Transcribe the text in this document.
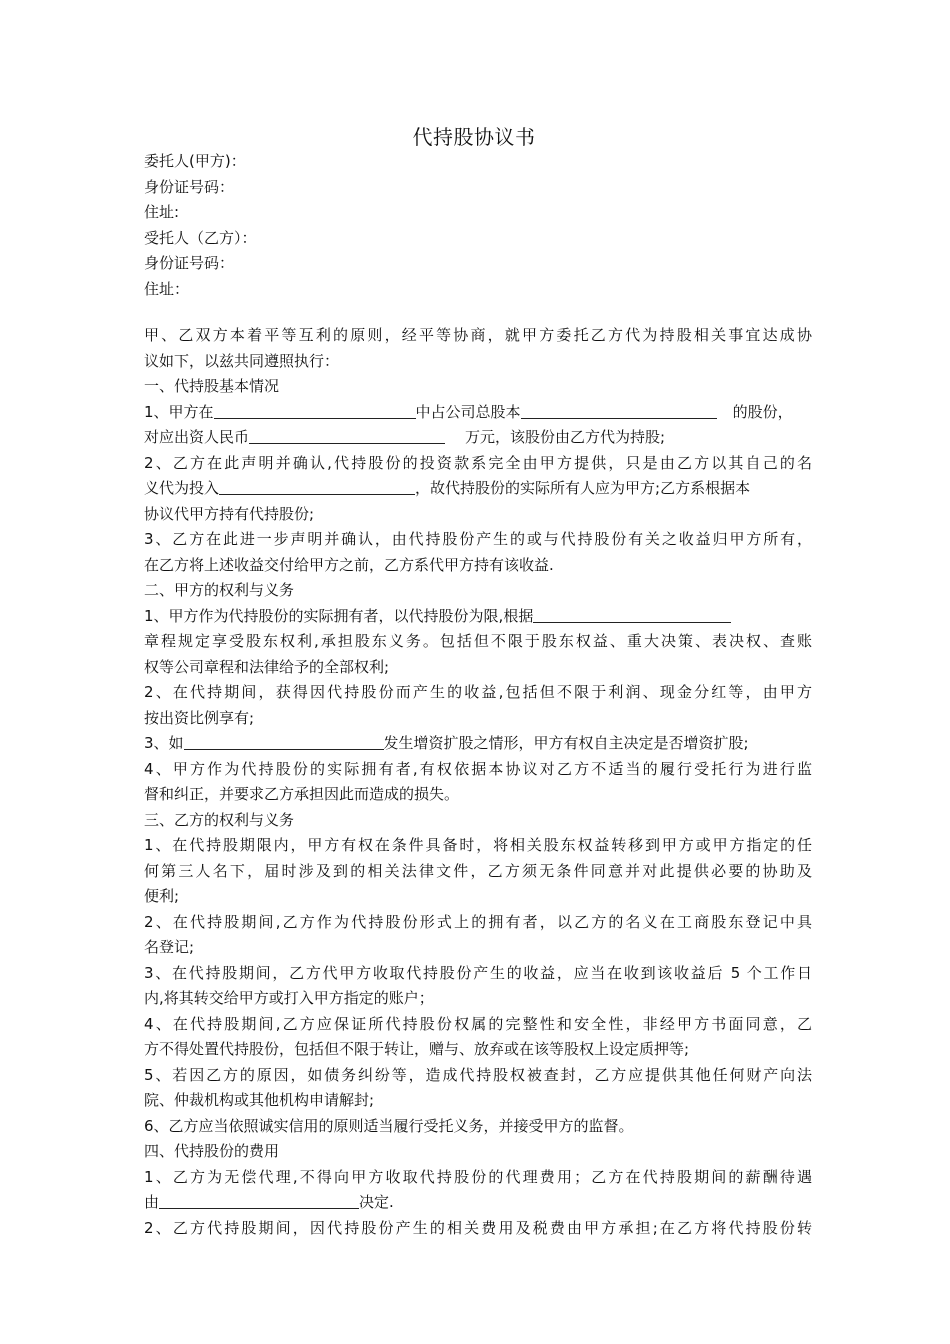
代持股协议书
委托人(甲方)：
身份证号码：
住址:
受托人（乙方）：
身份证号码：
住址：
甲、乙双方本着平等互利的原则，经平等协商，就甲方委托乙方代为持股相关事宜达成协
议如下，以兹共同遵照执行：
一、代持股基本情况
1、甲方在	中占公司总股本	的股份，
对应出资人民币	万元，该股份由乙方代为持股;
2、乙方在此声明并确认,代持股份的投资款系完全由甲方提供，只是由乙方以其自己的名
义代为投入	，故代持股份的实际所有人应为甲方;乙方系根据本
协议代甲方持有代持股份;
3、乙方在此进一步声明并确认，由代持股份产生的或与代持股份有关之收益归甲方所有，
在乙方将上述收益交付给甲方之前，乙方系代甲方持有该收益.
二、甲方的权利与义务
1、甲方作为代持股份的实际拥有者，以代持股份为限,根据
章程规定享受股东权利,承担股东义务。包括但不限于股东权益、重大决策、表决权、查账
权等公司章程和法律给予的全部权利;
2、在代持期间，获得因代持股份而产生的收益,包括但不限于利润、现金分红等，由甲方
按出资比例享有;
3、如	发生增资扩股之情形，甲方有权自主决定是否增资扩股;
4、甲方作为代持股份的实际拥有者,有权依据本协议对乙方不适当的履行受托行为进行监
督和纠正，并要求乙方承担因此而造成的损失。
三、乙方的权利与义务
1、在代持股期限内，甲方有权在条件具备时，将相关股东权益转移到甲方或甲方指定的任
何第三人名下，届时涉及到的相关法律文件，乙方须无条件同意并对此提供必要的协助及
便利;
2、在代持股期间,乙方作为代持股份形式上的拥有者，以乙方的名义在工商股东登记中具
名登记;
3、在代持股期间，乙方代甲方收取代持股份产生的收益，应当在收到该收益后 5 个工作日
内,将其转交给甲方或打入甲方指定的账户；
4、在代持股期间,乙方应保证所代持股份权属的完整性和安全性，非经甲方书面同意，乙
方不得处置代持股份，包括但不限于转让，赠与、放弃或在该等股权上设定质押等;
5、若因乙方的原因，如债务纠纷等，造成代持股权被查封，乙方应提供其他任何财产向法
院、仲裁机构或其他机构申请解封;
6、乙方应当依照诚实信用的原则适当履行受托义务，并接受甲方的监督。
四、代持股份的费用
1、乙方为无偿代理,不得向甲方收取代持股份的代理费用；乙方在代持股期间的薪酬待遇
由	决定.
2、乙方代持股期间，因代持股份产生的相关费用及税费由甲方承担;在乙方将代持股份转
